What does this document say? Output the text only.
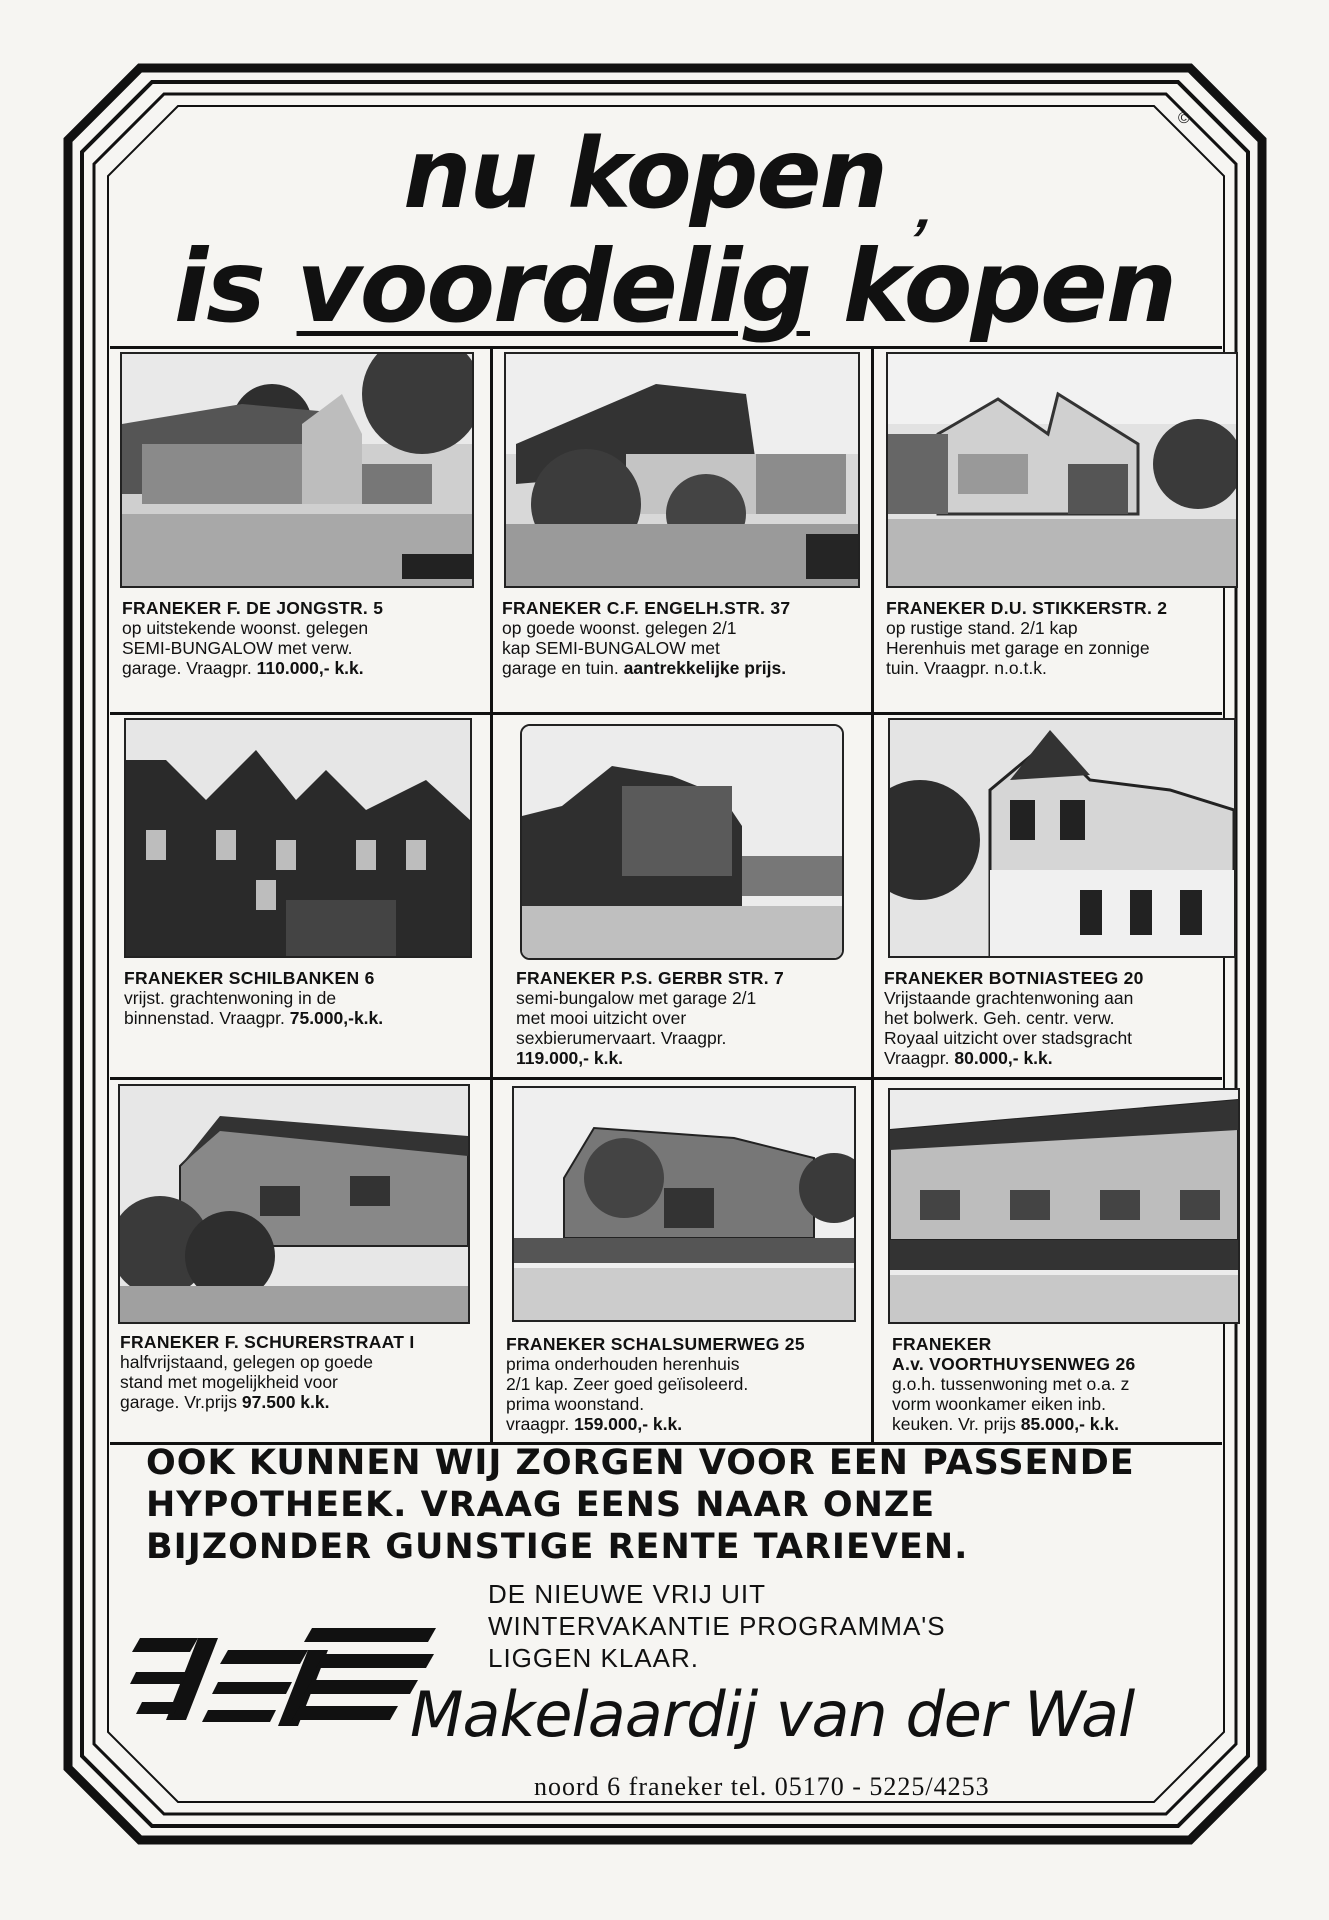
©
nu kopen ‚
is voordelig kopen
FRANEKER F. DE JONGSTR. 5
op uitstekende woonst. gelegen
SEMI-BUNGALOW met verw.
garage. Vraagpr. 110.000,- k.k.
FRANEKER C.F. ENGELH.STR. 37
op goede woonst. gelegen 2/1
kap SEMI-BUNGALOW met
garage en tuin. aantrekkelijke prijs.
FRANEKER D.U. STIKKERSTR. 2
op rustige stand. 2/1 kap
Herenhuis met garage en zonnige
tuin. Vraagpr. n.o.t.k.
FRANEKER SCHILBANKEN 6
vrijst. grachtenwoning in de
binnenstad. Vraagpr. 75.000,-k.k.
FRANEKER P.S. GERBR STR. 7
semi-bungalow met garage 2/1
met mooi uitzicht over
sexbierumervaart. Vraagpr.
119.000,- k.k.
FRANEKER BOTNIASTEEG 20
Vrijstaande grachtenwoning aan
het bolwerk. Geh. centr. verw.
Royaal uitzicht over stadsgracht
Vraagpr. 80.000,- k.k.
FRANEKER F. SCHURERSTRAAT I
halfvrijstaand, gelegen op goede
stand met mogelijkheid voor
garage. Vr.prijs 97.500 k.k.
FRANEKER SCHALSUMERWEG 25
prima onderhouden herenhuis
2/1 kap. Zeer goed geïisoleerd.
prima woonstand.
vraagpr. 159.000,- k.k.
FRANEKER
A.v. VOORTHUYSENWEG 26
g.o.h. tussenwoning met o.a. z
vorm woonkamer eiken inb.
keuken. Vr. prijs 85.000,- k.k.
OOK KUNNEN WIJ ZORGEN VOOR EEN PASSENDE
HYPOTHEEK. VRAAG EENS NAAR ONZE
BIJZONDER GUNSTIGE RENTE TARIEVEN.
DE NIEUWE VRIJ UIT
WINTERVAKANTIE PROGRAMMA'S
LIGGEN KLAAR.
Makelaardij van der Wal
noord 6 franeker tel. 05170 - 5225/4253
